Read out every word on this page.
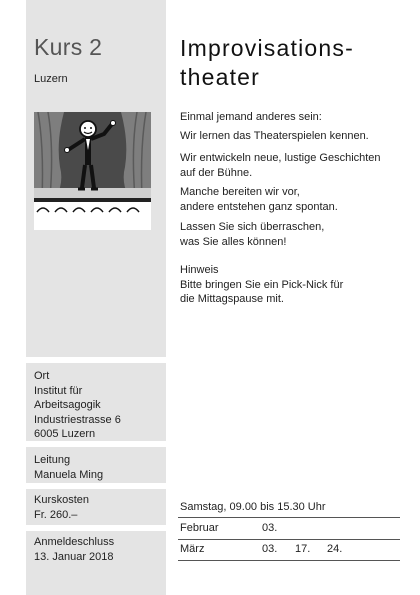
Kurs 2
Luzern
Ort
Institut für
Arbeitsagogik
Industriestrasse 6
6005 Luzern
Leitung
Manuela Ming
Kurskosten
Fr. 260.–
Anmeldeschluss
13. Januar 2018
Improvisations-
theater
Einmal jemand anderes sein:
Wir lernen das Theaterspielen kennen.
Wir entwickeln neue, lustige Geschichten
auf der Bühne.
Manche bereiten wir vor,
andere entstehen ganz spontan.
Lassen Sie sich überraschen,
was Sie alles können!
Hinweis
Bitte bringen Sie ein Pick-Nick für
die Mittagspause mit.
Samstag, 09.00 bis 15.30 Uhr
Februar	03.
März	03. 17. 24.
